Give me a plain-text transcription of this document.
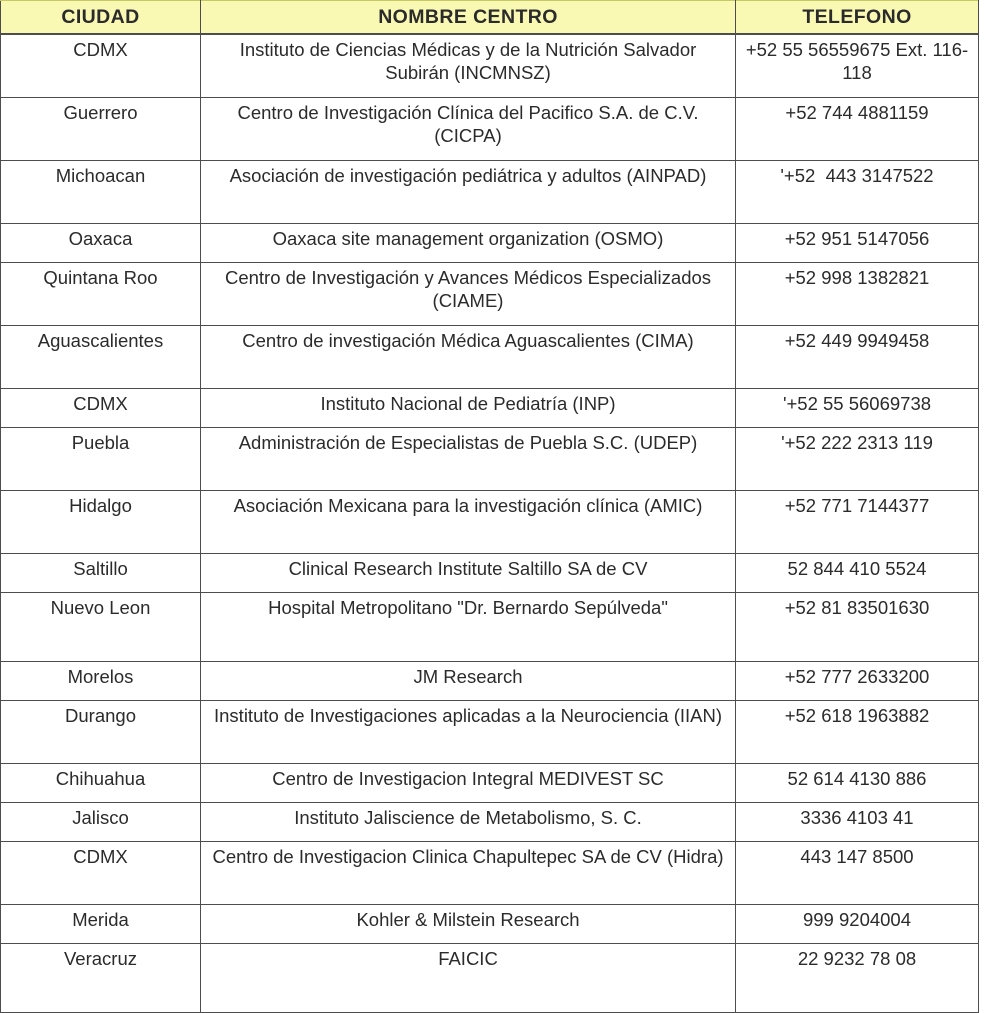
CIUDAD	NOMBRE CENTRO	TELEFONO
CDMX	Instituto de Ciencias Médicas y de la Nutrición Salvador Subirán (INCMNSZ)	+52 55 56559675 Ext. 116-118
Guerrero	Centro de Investigación Clínica del Pacifico S.A. de C.V. (CICPA)	+52 744 4881159
Michoacan	Asociación de investigación pediátrica y adultos (AINPAD)	'+52  443 3147522
Oaxaca	Oaxaca site management organization (OSMO)	+52 951 5147056
Quintana Roo	Centro de Investigación y Avances Médicos Especializados (CIAME)	+52 998 1382821
Aguascalientes	Centro de investigación Médica Aguascalientes (CIMA)	+52 449 9949458
CDMX	Instituto Nacional de Pediatría (INP)	'+52 55 56069738
Puebla	Administración de Especialistas de Puebla S.C. (UDEP)	'+52 222 2313 119
Hidalgo	Asociación Mexicana para la investigación clínica (AMIC)	+52 771 7144377
Saltillo	Clinical Research Institute Saltillo SA de CV	52 844 410 5524
Nuevo Leon	Hospital Metropolitano "Dr. Bernardo Sepúlveda"	+52 81 83501630
Morelos	JM Research	+52 777 2633200
Durango	Instituto de Investigaciones aplicadas a la Neurociencia (IIAN)	+52 618 1963882
Chihuahua	Centro de Investigacion Integral MEDIVEST SC	52 614 4130 886
Jalisco	Instituto Jaliscience de Metabolismo, S. C.	3336 4103 41
CDMX	Centro de Investigacion Clinica Chapultepec SA de CV (Hidra)	443 147 8500
Merida	Kohler & Milstein Research	999 9204004
Veracruz	FAICIC	22 9232 78 08
